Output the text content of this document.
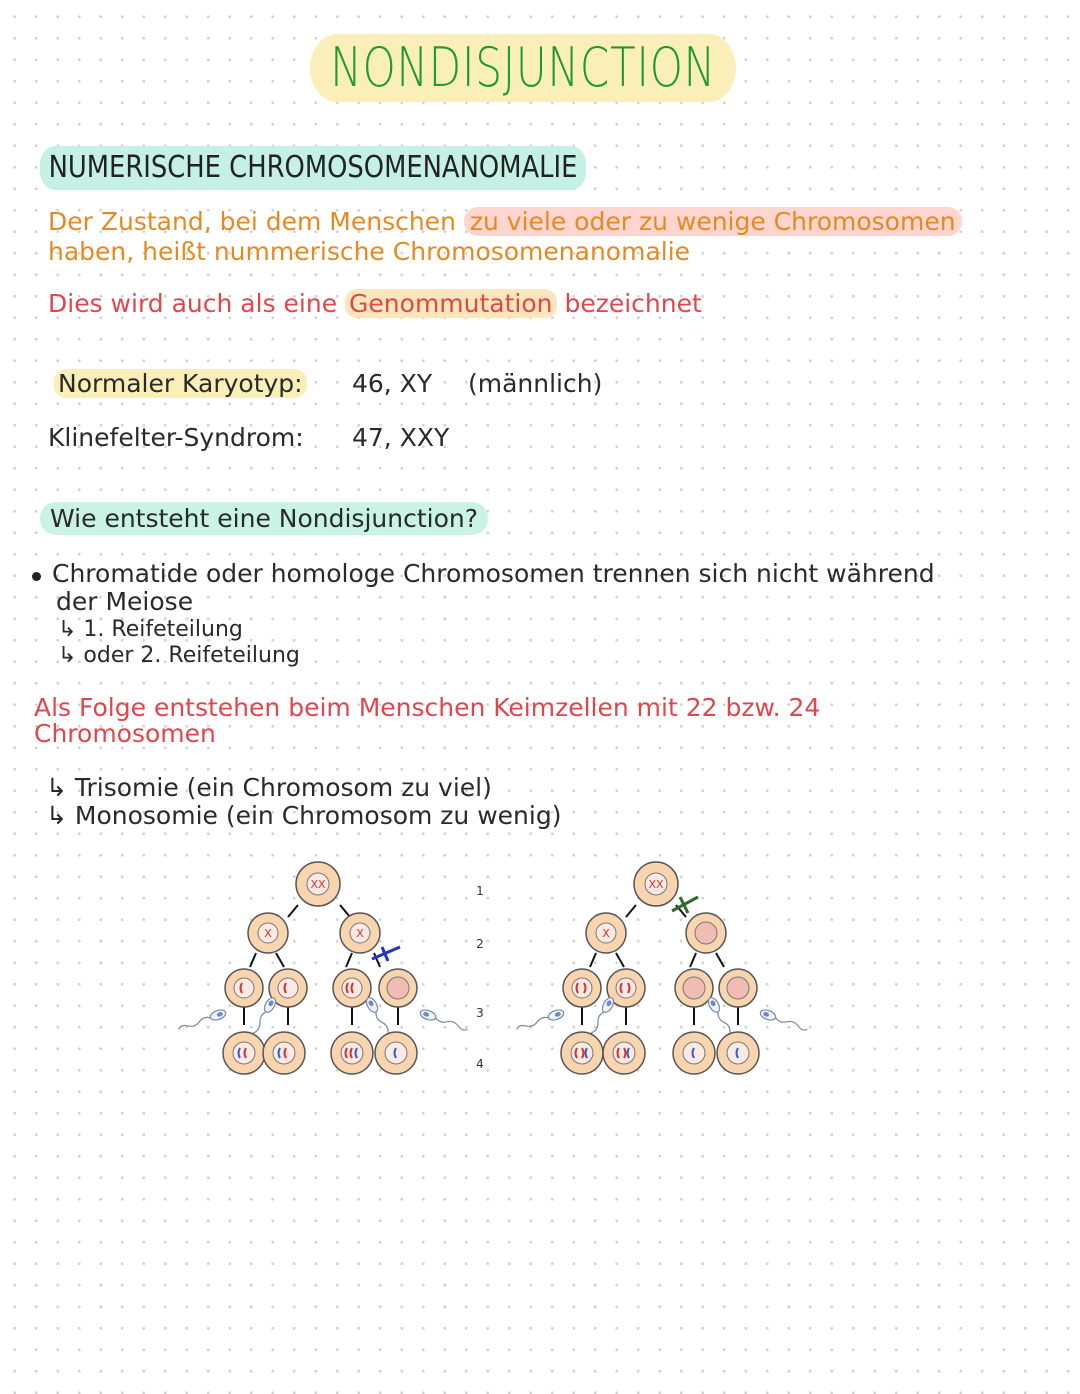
NONDISJUNCTION
NUMERISCHE CHROMOSOMENANOMALIE
Der Zustand, bei dem Menschen zu viele oder zu wenige Chromosomen
haben, heißt nummerische Chromosomenanomalie
Dies wird auch als eine Genommutation bezeichnet
Normaler Karyotyp: 46, XY (männlich)
Klinefelter-Syndrom: 47, XXY
Wie entsteht eine Nondisjunction?
Chromatide oder homologe Chromosomen trennen sich nicht während
der Meiose
↳ 1. Reifeteilung
↳ oder 2. Reifeteilung
Als Folge entstehen beim Menschen Keimzellen mit 22 bzw. 24
Chromosomen
↳ Trisomie (ein Chromosom zu viel)
↳ Monosomie (ein Chromosom zu wenig)
XX
X	X
1
2
3
4
XX
X
